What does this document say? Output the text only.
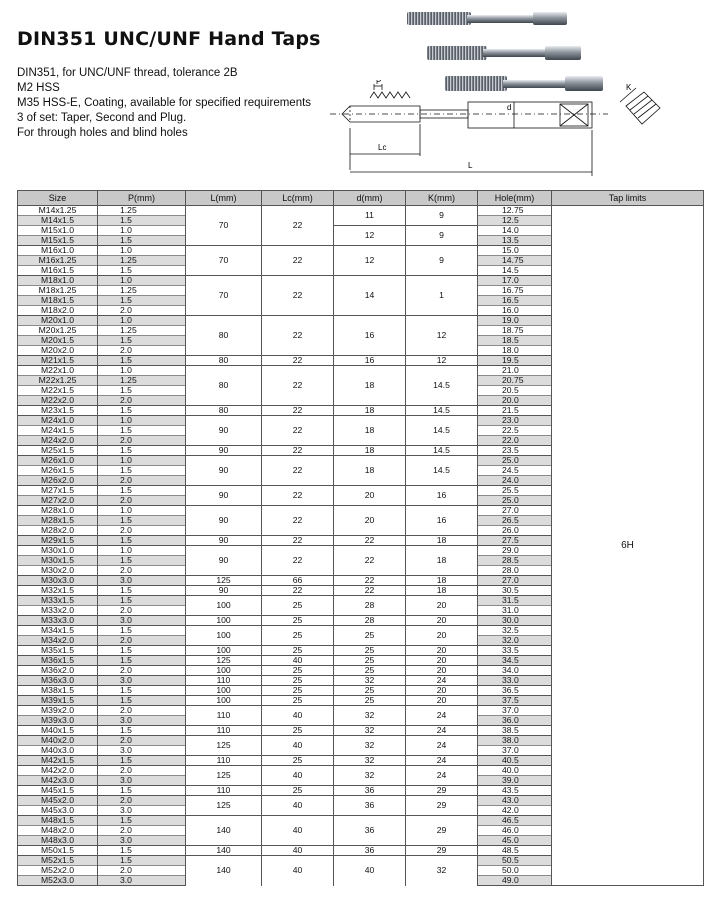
DIN351 UNC/UNF Hand Taps
DIN351, for UNC/UNF thread, tolerance 2B
M2 HSS
M35 HSS-E, Coating, available for specified requirements
3 of set: Taper, Second and Plug.
For through holes and blind holes
P
d
K
Lc
L
Size	P(mm)	L(mm)	Lc(mm)	d(mm)	K(mm)	Hole(mm)	Tap limits
M14x1.25	1.25	70	22	11	9	12.75	6H
M14x1.5	1.5					12.5	
M15x1.0	1.0			12	9	14.0	
M15x1.5	1.5					13.5	
M16x1.0	1.0	70	22	12	9	15.0	
M16x1.25	1.25					14.75	
M16x1.5	1.5					14.5	
M18x1.0	1.0	70	22	14	1	17.0	
M18x1.25	1.25					16.75	
M18x1.5	1.5					16.5	
M18x2.0	2.0					16.0	
M20x1.0	1.0	80	22	16	12	19.0	
M20x1.25	1.25					18.75	
M20x1.5	1.5					18.5	
M20x2.0	2.0					18.0	
M21x1.5	1.5	80	22	16	12	19.5	
M22x1.0	1.0	80	22	18	14.5	21.0	
M22x1.25	1.25					20.75	
M22x1.5	1.5					20.5	
M22x2.0	2.0					20.0	
M23x1.5	1.5	80	22	18	14.5	21.5	
M24x1.0	1.0	90	22	18	14.5	23.0	
M24x1.5	1.5					22.5	
M24x2.0	2.0					22.0	
M25x1.5	1.5	90	22	18	14.5	23.5	
M26x1.0	1.0	90	22	18	14.5	25.0	
M26x1.5	1.5					24.5	
M26x2.0	2.0					24.0	
M27x1.5	1.5	90	22	20	16	25.5	
M27x2.0	2.0					25.0	
M28x1.0	1.0	90	22	20	16	27.0	
M28x1.5	1.5					26.5	
M28x2.0	2.0					26.0	
M29x1.5	1.5	90	22	22	18	27.5	
M30x1.0	1.0	90	22	22	18	29.0	
M30x1.5	1.5					28.5	
M30x2.0	2.0					28.0	
M30x3.0	3.0	125	66	22	18	27.0	
M32x1.5	1.5	90	22	22	18	30.5	
M33x1.5	1.5	100	25	28	20	31.5	
M33x2.0	2.0					31.0	
M33x3.0	3.0	100	25	28	20	30.0	
M34x1.5	1.5	100	25	25	20	32.5	
M34x2.0	2.0					32.0	
M35x1.5	1.5	100	25	25	20	33.5	
M36x1.5	1.5	125	40	25	20	34.5	
M36x2.0	2.0	100	25	25	20	34.0	
M36x3.0	3.0	110	25	32	24	33.0	
M38x1.5	1.5	100	25	25	20	36.5	
M39x1.5	1.5	100	25	25	20	37.5	
M39x2.0	2.0	110	40	32	24	37.0	
M39x3.0	3.0					36.0	
M40x1.5	1.5	110	25	32	24	38.5	
M40x2.0	2.0	125	40	32	24	38.0	
M40x3.0	3.0					37.0	
M42x1.5	1.5	110	25	32	24	40.5	
M42x2.0	2.0	125	40	32	24	40.0	
M42x3.0	3.0					39.0	
M45x1.5	1.5	110	25	36	29	43.5	
M45x2.0	2.0	125	40	36	29	43.0	
M45x3.0	3.0					42.0	
M48x1.5	1.5	140	40	36	29	46.5	
M48x2.0	2.0					46.0	
M48x3.0	3.0					45.0	
M50x1.5	1.5	140	40	36	29	48.5	
M52x1.5	1.5	140	40	40	32	50.5	
M52x2.0	2.0					50.0	
M52x3.0	3.0					49.0	
